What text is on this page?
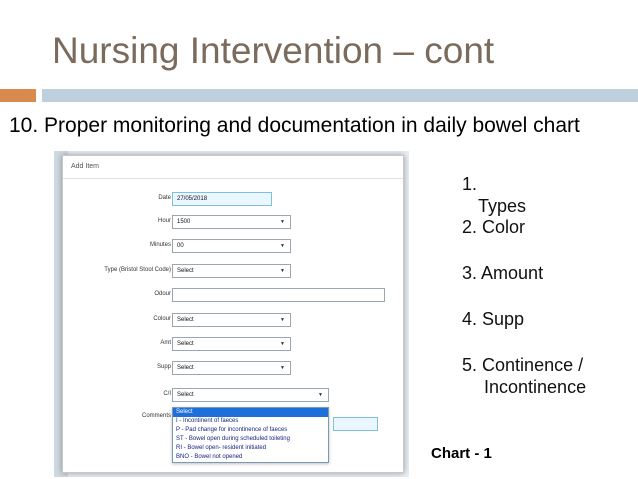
Nursing Intervention – cont
10. Proper monitoring and documentation in daily bowel chart
Add Item
Date	27/05/2018
Hour	1500	▼
Minutes	00	▼
Type (Bristol Stool Code)	Select	▼
Odour
Colour	Select	▼
Amt	Select	▼
Supp	Select	▼
C/I	Select	▼
Comments
Select
I - Incontinent of faeces
P - Pad change for incontinence of faeces
ST - Bowel open during scheduled toileting
RI - Bowel open- resident initiated
BNO - Bowel not opened
1.
Types
2. Color
3. Amount
4. Supp
5. Continence / Incontinence
Chart - 1
